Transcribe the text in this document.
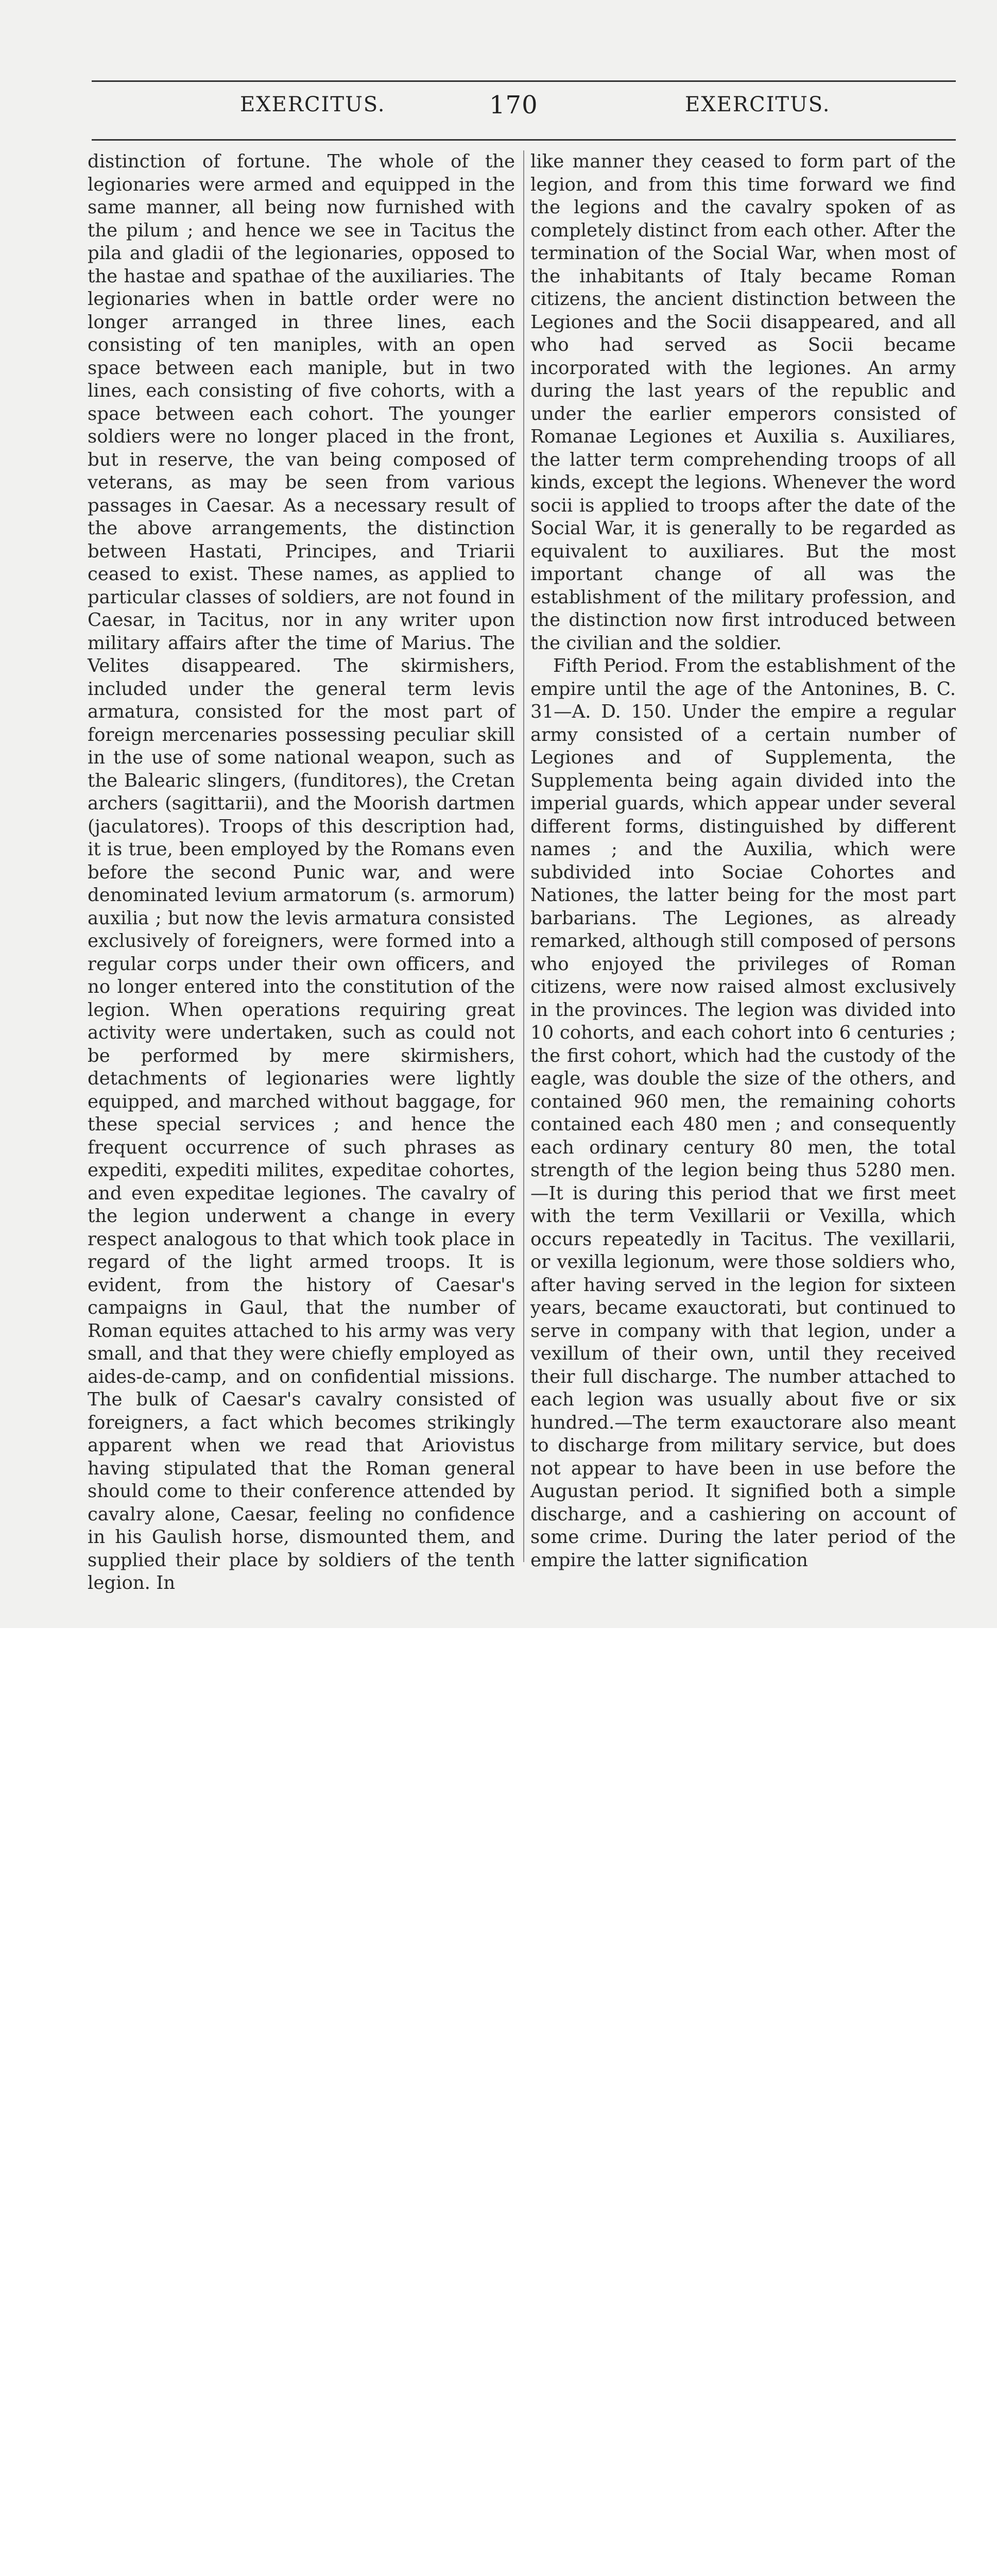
EXERCITUS.	170	EXERCITUS.

distinction of fortune. The whole of the legionaries were armed and equipped in the same manner, all being now furnished with the pilum ; and hence we see in Tacitus the pila and gladii of the legionaries, opposed to the hastae and spathae of the auxiliaries. The legionaries when in battle order were no longer arranged in three lines, each consisting of ten maniples, with an open space between each maniple, but in two lines, each consisting of five cohorts, with a space between each cohort. The younger soldiers were no longer placed in the front, but in reserve, the van being composed of veterans, as may be seen from various passages in Caesar. As a necessary result of the above arrangements, the distinction between Hastati, Principes, and Triarii ceased to exist. These names, as applied to particular classes of soldiers, are not found in Caesar, in Tacitus, nor in any writer upon military affairs after the time of Marius. The Velites disappeared. The skirmishers, included under the general term levis armatura, consisted for the most part of foreign mercenaries possessing peculiar skill in the use of some national weapon, such as the Balearic slingers, (funditores), the Cretan archers (sagittarii), and the Moorish dartmen (jaculatores). Troops of this description had, it is true, been employed by the Romans even before the second Punic war, and were denominated levium armatorum (s. armorum) auxilia ; but now the levis armatura consisted exclusively of foreigners, were formed into a regular corps under their own officers, and no longer entered into the constitution of the legion. When operations requiring great activity were undertaken, such as could not be performed by mere skirmishers, detachments of legionaries were lightly equipped, and marched without baggage, for these special services ; and hence the frequent occurrence of such phrases as expediti, expediti milites, expeditae cohortes, and even expeditae legiones. The cavalry of the legion underwent a change in every respect analogous to that which took place in regard of the light armed troops. It is evident, from the history of Caesar's campaigns in Gaul, that the number of Roman equites attached to his army was very small, and that they were chiefly employed as aides-de-camp, and on confidential missions. The bulk of Caesar's cavalry consisted of foreigners, a fact which becomes strikingly apparent when we read that Ariovistus having stipulated that the Roman general should come to their conference attended by cavalry alone, Caesar, feeling no confidence in his Gaulish horse, dismounted them, and supplied their place by soldiers of the tenth legion. In

like manner they ceased to form part of the legion, and from this time forward we find the legions and the cavalry spoken of as completely distinct from each other. After the termination of the Social War, when most of the inhabitants of Italy became Roman citizens, the ancient distinction between the Legiones and the Socii disappeared, and all who had served as Socii became incorporated with the legiones. An army during the last years of the republic and under the earlier emperors consisted of Romanae Legiones et Auxilia s. Auxiliares, the latter term comprehending troops of all kinds, except the legions. Whenever the word socii is applied to troops after the date of the Social War, it is generally to be regarded as equivalent to auxiliares. But the most important change of all was the establishment of the military profession, and the distinction now first introduced between the civilian and the soldier.

Fifth Period. From the establishment of the empire until the age of the Antonines, B. C. 31—A. D. 150. Under the empire a regular army consisted of a certain number of Legiones and of Supplementa, the Supplementa being again divided into the imperial guards, which appear under several different forms, distinguished by different names ; and the Auxilia, which were subdivided into Sociae Cohortes and Nationes, the latter being for the most part barbarians. The Legiones, as already remarked, although still composed of persons who enjoyed the privileges of Roman citizens, were now raised almost exclusively in the provinces. The legion was divided into 10 cohorts, and each cohort into 6 centuries ; the first cohort, which had the custody of the eagle, was double the size of the others, and contained 960 men, the remaining cohorts contained each 480 men ; and consequently each ordinary century 80 men, the total strength of the legion being thus 5280 men.—It is during this period that we first meet with the term Vexillarii or Vexilla, which occurs repeatedly in Tacitus. The vexillarii, or vexilla legionum, were those soldiers who, after having served in the legion for sixteen years, became exauctorati, but continued to serve in company with that legion, under a vexillum of their own, until they received their full discharge. The number attached to each legion was usually about five or six hundred.—The term exauctorare also meant to discharge from military service, but does not appear to have been in use before the Augustan period. It signified both a simple discharge, and a cashiering on account of some crime. During the later period of the empire the latter signification
